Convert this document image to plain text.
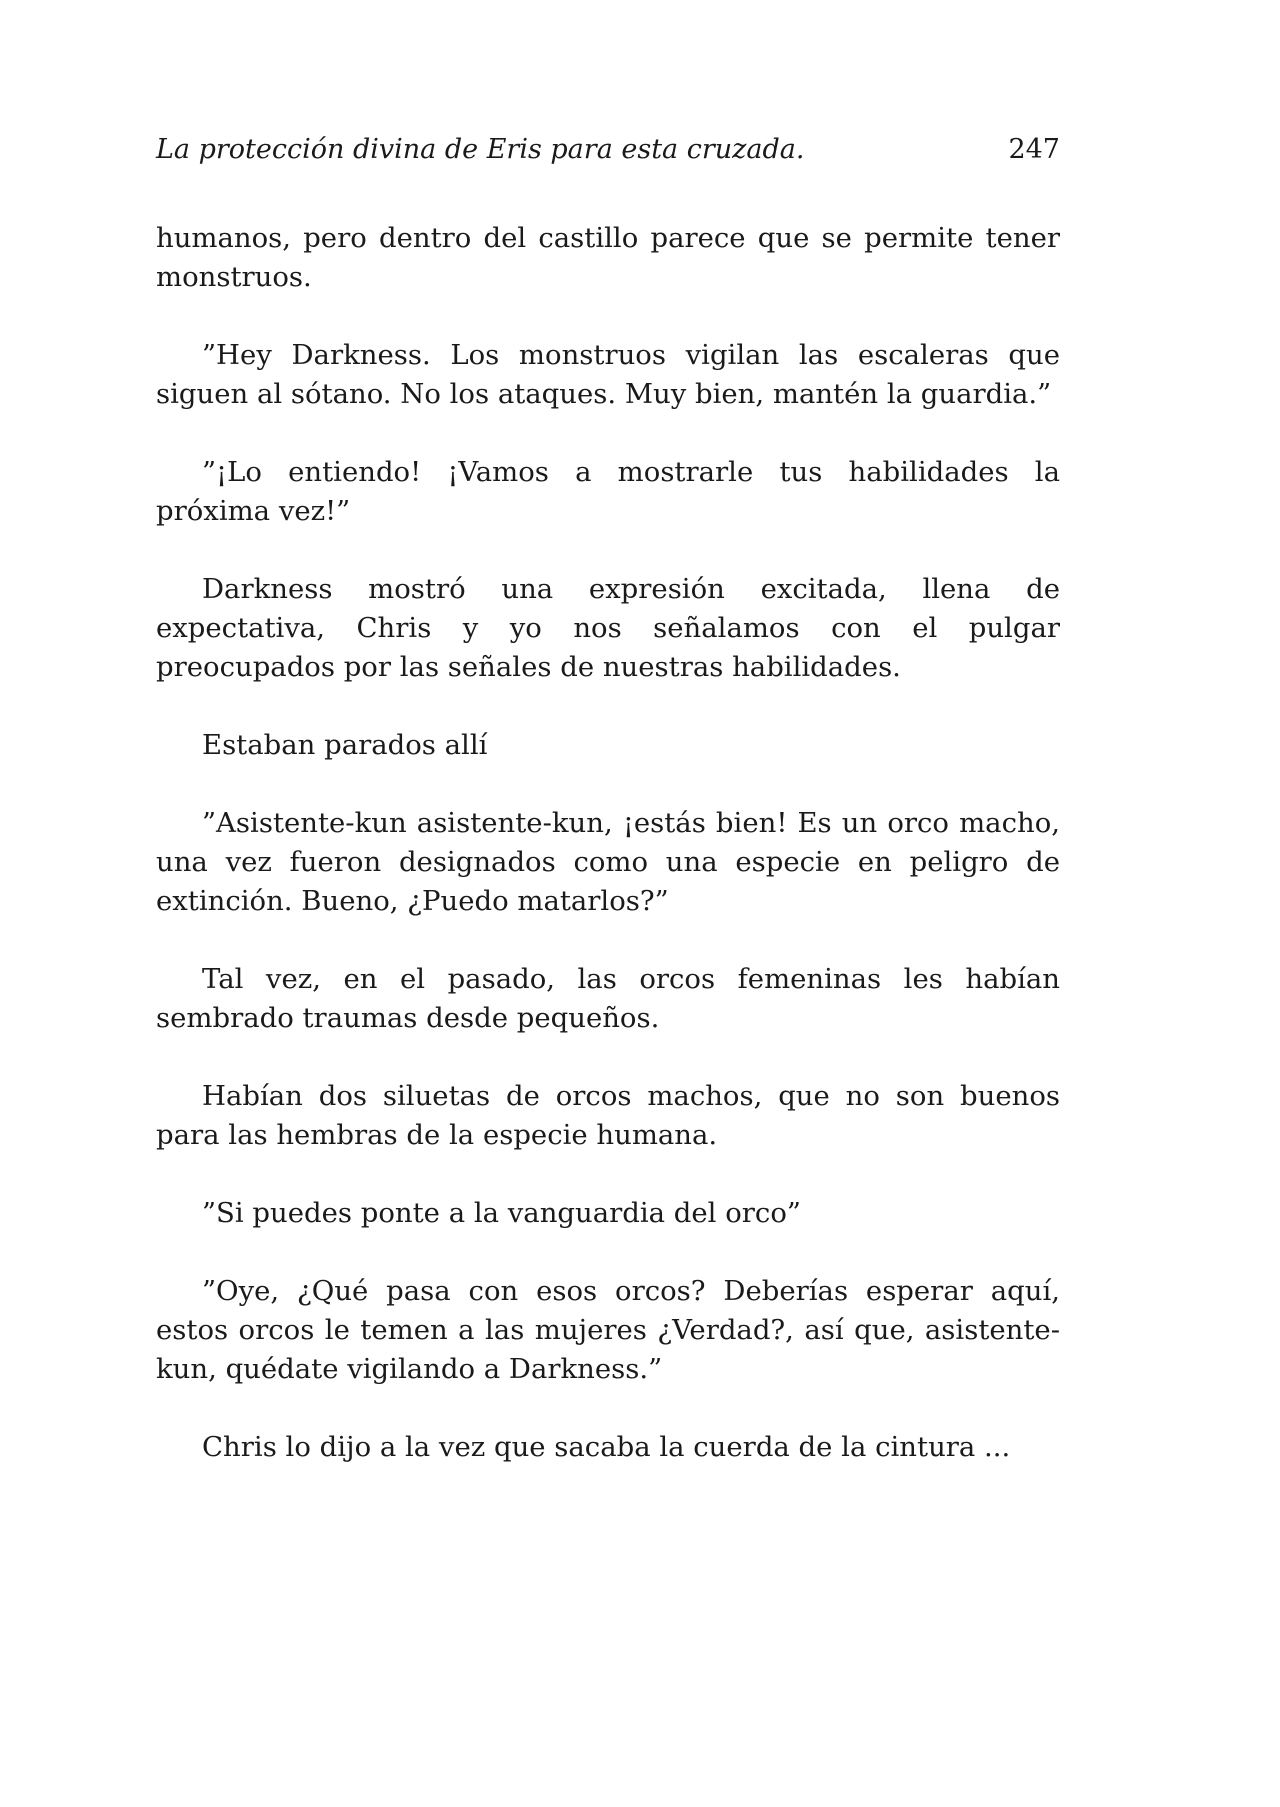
La protección divina de Eris para esta cruzada.	247

humanos, pero dentro del castillo parece que se permite tener monstruos.

”Hey Darkness. Los monstruos vigilan las escaleras que siguen al sótano. No los ataques. Muy bien, mantén la guardia.”

”¡Lo entiendo! ¡Vamos a mostrarle tus habilidades la próxima vez!”

Darkness mostró una expresión excitada, llena de expectativa, Chris y yo nos señalamos con el pulgar preocupados por las señales de nuestras habilidades.

Estaban parados allí

”Asistente-kun asistente-kun, ¡estás bien! Es un orco macho, una vez fueron designados como una especie en peligro de extinción. Bueno, ¿Puedo matarlos?”

Tal vez, en el pasado, las orcos femeninas les habían sembrado traumas desde pequeños.

Habían dos siluetas de orcos machos, que no son buenos para las hembras de la especie humana.

”Si puedes ponte a la vanguardia del orco”

”Oye, ¿Qué pasa con esos orcos? Deberías esperar aquí, estos orcos le temen a las mujeres ¿Verdad?, así que, asistente-kun, quédate vigilando a Darkness.”

Chris lo dijo a la vez que sacaba la cuerda de la cintura ...
